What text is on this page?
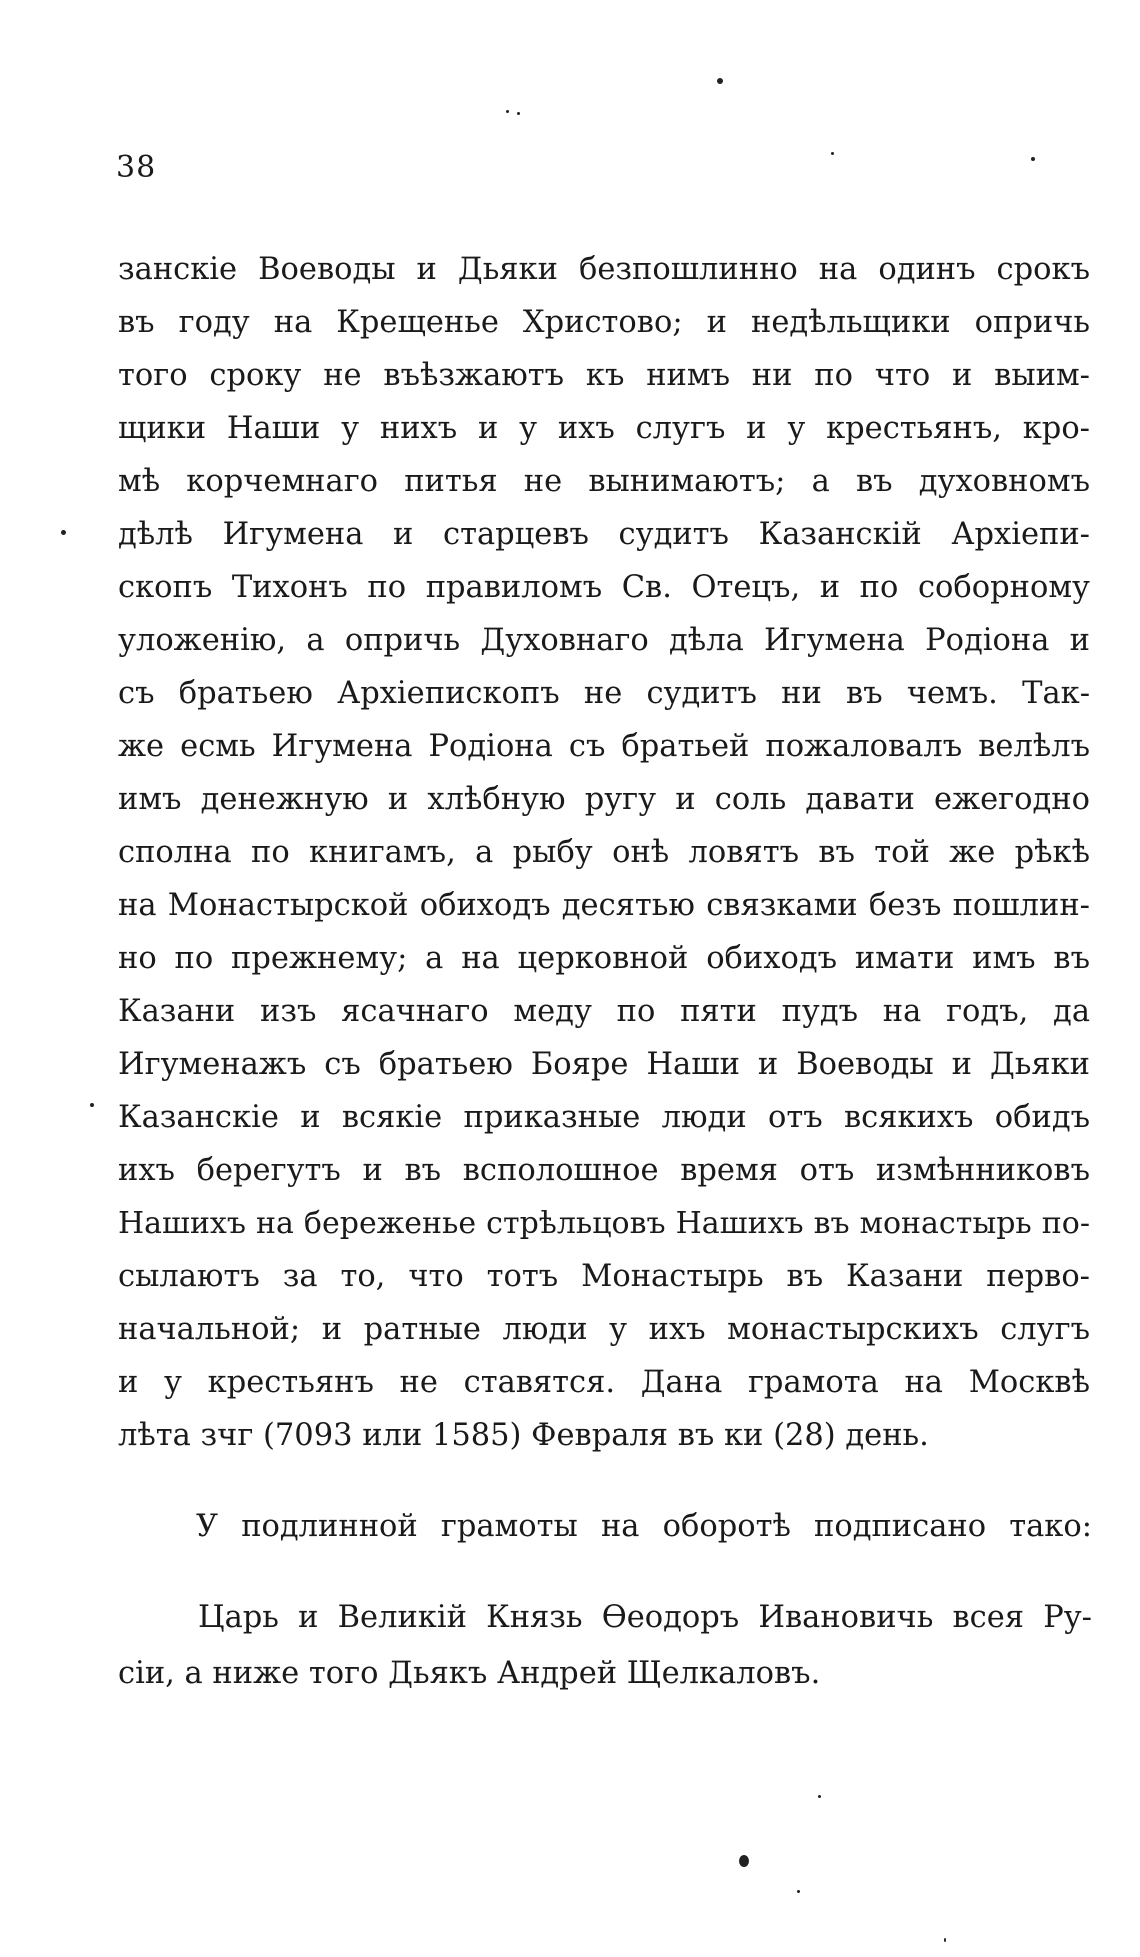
38
занскіе Воеводы и Дьяки безпошлинно на одинъ срокъ
въ году на Крещенье Христово; и недѣльщики опричь
того сроку не въѣзжаютъ къ нимъ ни по что и выим-
щики Наши у нихъ и у ихъ слугъ и у крестьянъ, кро-
мѣ корчемнаго питья не вынимаютъ; а въ духовномъ
дѣлѣ Игумена и старцевъ судитъ Казанскій Архіепи-
скопъ Тихонъ по правиломъ Св. Отецъ, и по соборному
уложенію, а опричь Духовнаго дѣла Игумена Родіона и
съ братьею Архіепископъ не судитъ ни въ чемъ. Так-
же есмь Игумена Родіона съ братьей пожаловалъ велѣлъ
имъ денежную и хлѣбную ругу и соль давати ежегодно
сполна по книгамъ, а рыбу онѣ ловятъ въ той же рѣкѣ
на Монастырской обиходъ десятью связками безъ пошлин-
но по прежнему; а на церковной обиходъ имати имъ въ
Казани изъ ясачнаго меду по пяти пудъ на годъ, да
Игуменажъ съ братьею Бояре Наши и Воеводы и Дьяки
Казанскіе и всякіе приказные люди отъ всякихъ обидъ
ихъ берегутъ и въ всполошное время отъ измѣнниковъ
Нашихъ на береженье стрѣльцовъ Нашихъ въ монастырь по-
сылаютъ за то, что тотъ Монастырь въ Казани перво-
начальной; и ратные люди у ихъ монастырскихъ слугъ
и у крестьянъ не ставятся. Дана грамота на Москвѣ
лѣта зчг (7093 или 1585) Февраля въ ки (28) день.
У подлинной грамоты на оборотѣ подписано тако:
Царь и Великій Князь Ѳеодоръ Ивановичь всея Ру-
сіи, а ниже того Дьякъ Андрей Щелкаловъ.
